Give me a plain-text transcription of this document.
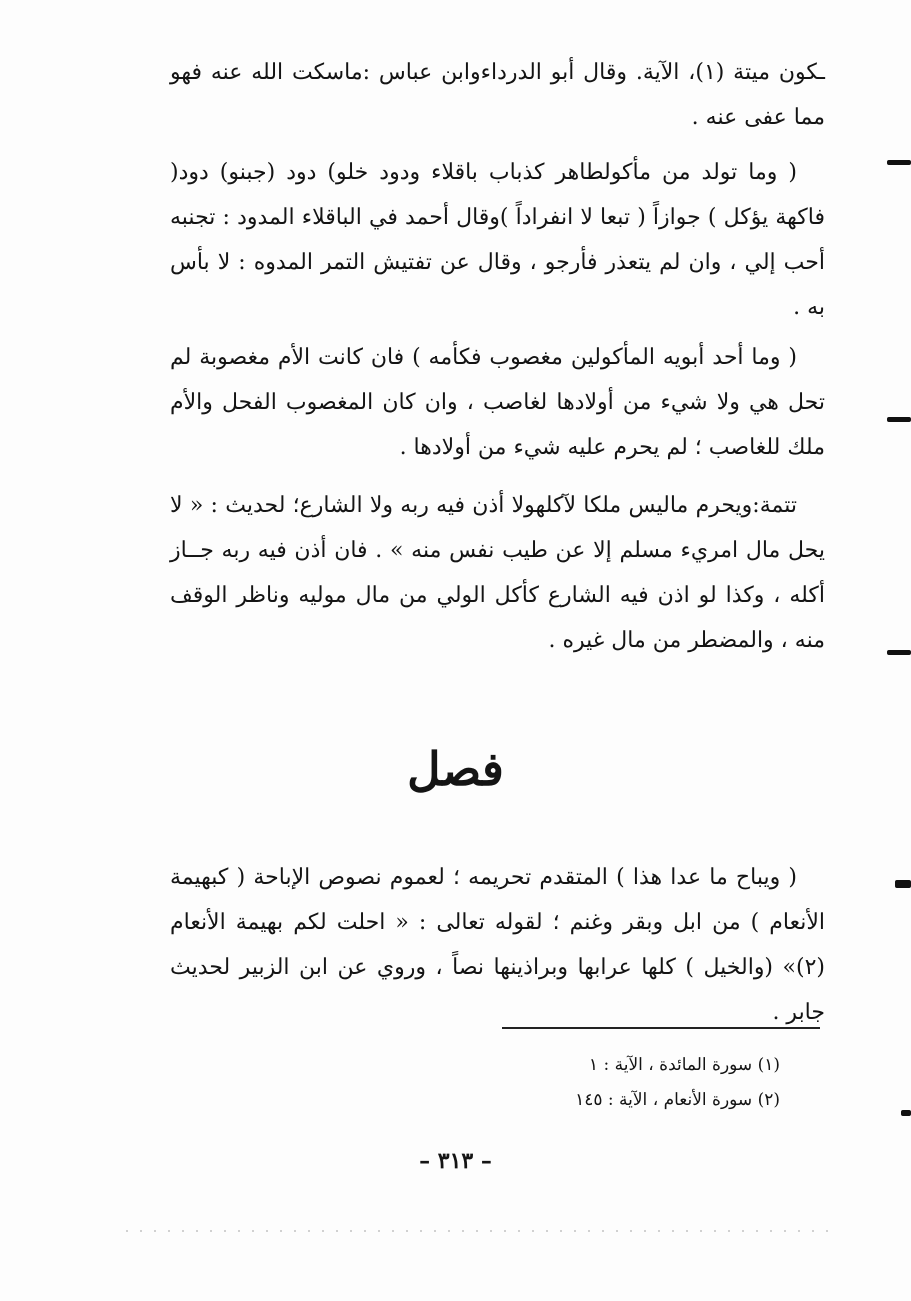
ـكون ميتة (١)، الآية. وقال أبو الدرداءوابن عباس :ماسكت الله عنه فهو مما عفى عنه .

( وما تولد من مأكولطاهر كذباب باقلاء ودود خلو) دود (جبنو) دود( فاكهة يؤكل ) جوازاً ( تبعا لا انفراداً )وقال أحمد في الباقلاء المدود : تجنبه أحب إلي ، وان لم يتعذر فأرجو ، وقال عن تفتيش التمر المدوه : لا بأس به .

( وما أحد أبويه المأكولين مغصوب فكأمه ) فان كانت الأم مغصوبة لم تحل هي ولا شيء من أولادها لغاصب ، وان كان المغصوب الفحل والأم ملك للغاصب ؛ لم يحرم عليه شيء من أولادها .

تتمة:ويحرم ماليس ملكا لآكلهولا أذن فيه ربه ولا الشارع؛ لحديث : « لا يحل مال امريء مسلم إلا عن طيب نفس منه » . فان أذن فيه ربه جــاز أكله ، وكذا لو اذن فيه الشارع كأكل الولي من مال موليه وناظر الوقف منه ، والمضطر من مال غيره .

فصل

( ويباح ما عدا هذا ) المتقدم تحريمه ؛ لعموم نصوص الإباحة ( كبهيمة الأنعام ) من ابل وبقر وغنم ؛ لقوله تعالى : « احلت لكم بهيمة الأنعام (٢)» (والخيل ) كلها عرابها وبراذينها نصاً ، وروي عن ابن الزبير لحديث جابر .

(١) سورة المائدة ، الآية : ١
(٢) سورة الأنعام ، الآية : ١٤٥
– ٣١٣ –
